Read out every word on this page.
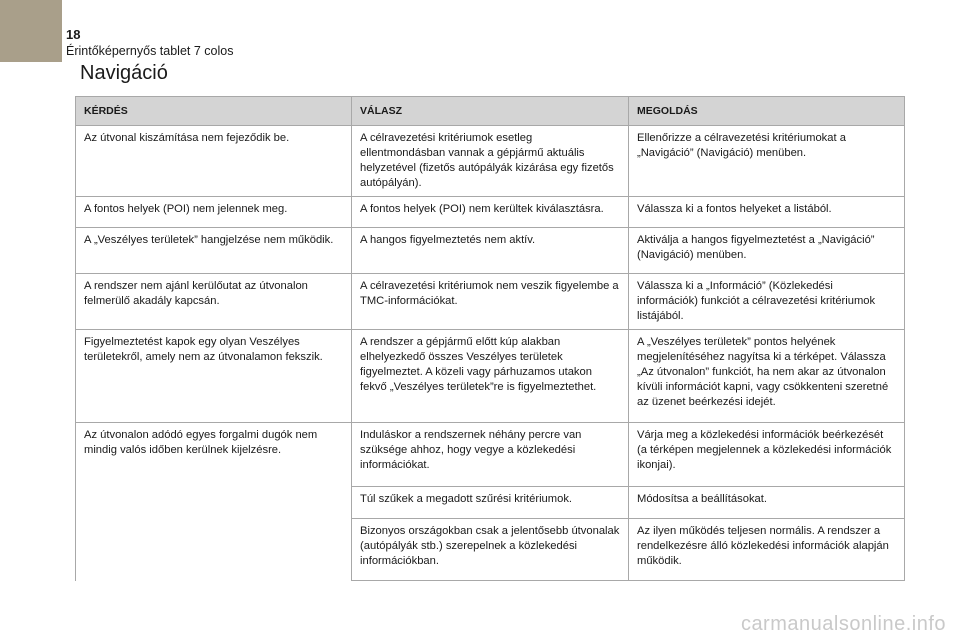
18
Érintőképernyős tablet 7 colos
Navigáció
KÉRDÉS	VÁLASZ	MEGOLDÁS
Az útvonal kiszámítása nem fejeződik be.	A célravezetési kritériumok esetleg ellentmondásban vannak a gépjármű aktuális helyzetével (fizetős autópályák kizárása egy fizetős autópályán).	Ellenőrizze a célravezetési kritériumokat a „Navigáció” (Navigáció) menüben.
A fontos helyek (POI) nem jelennek meg.	A fontos helyek (POI) nem kerültek kiválasztásra.	Válassza ki a fontos helyeket a listából.
A „Veszélyes területek” hangjelzése nem működik.	A hangos figyelmeztetés nem aktív.	Aktiválja a hangos figyelmeztetést a „Navigáció” (Navigáció) menüben.
A rendszer nem ajánl kerülőutat az útvonalon felmerülő akadály kapcsán.	A célravezetési kritériumok nem veszik figyelembe a TMC-információkat.	Válassza ki a „Információ” (Közlekedési információk) funkciót a célravezetési kritériumok listájából.
Figyelmeztetést kapok egy olyan Veszélyes területekről, amely nem az útvonalamon fekszik.	A rendszer a gépjármű előtt kúp alakban elhelyezkedő összes Veszélyes területek figyelmeztet. A közeli vagy párhuzamos utakon fekvő „Veszélyes területek”re is figyelmeztethet.	A „Veszélyes területek” pontos helyének megjelenítéséhez nagyítsa ki a térképet. Válassza „Az útvonalon” funkciót, ha nem akar az útvonalon kívüli információt kapni, vagy csökkenteni szeretné az üzenet beérkezési idejét.
Az útvonalon adódó egyes forgalmi dugók nem mindig valós időben kerülnek kijelzésre.	Induláskor a rendszernek néhány percre van szüksége ahhoz, hogy vegye a közlekedési információkat.	Várja meg a közlekedési információk beérkezését (a térképen megjelennek a közlekedési információk ikonjai).
	Túl szűkek a megadott szűrési kritériumok.	Módosítsa a beállításokat.
	Bizonyos országokban csak a jelentősebb útvonalak (autópályák stb.) szerepelnek a közlekedési információkban.	Az ilyen működés teljesen normális. A rendszer a rendelkezésre álló közlekedési információk alapján működik.
carmanualsonline.info
